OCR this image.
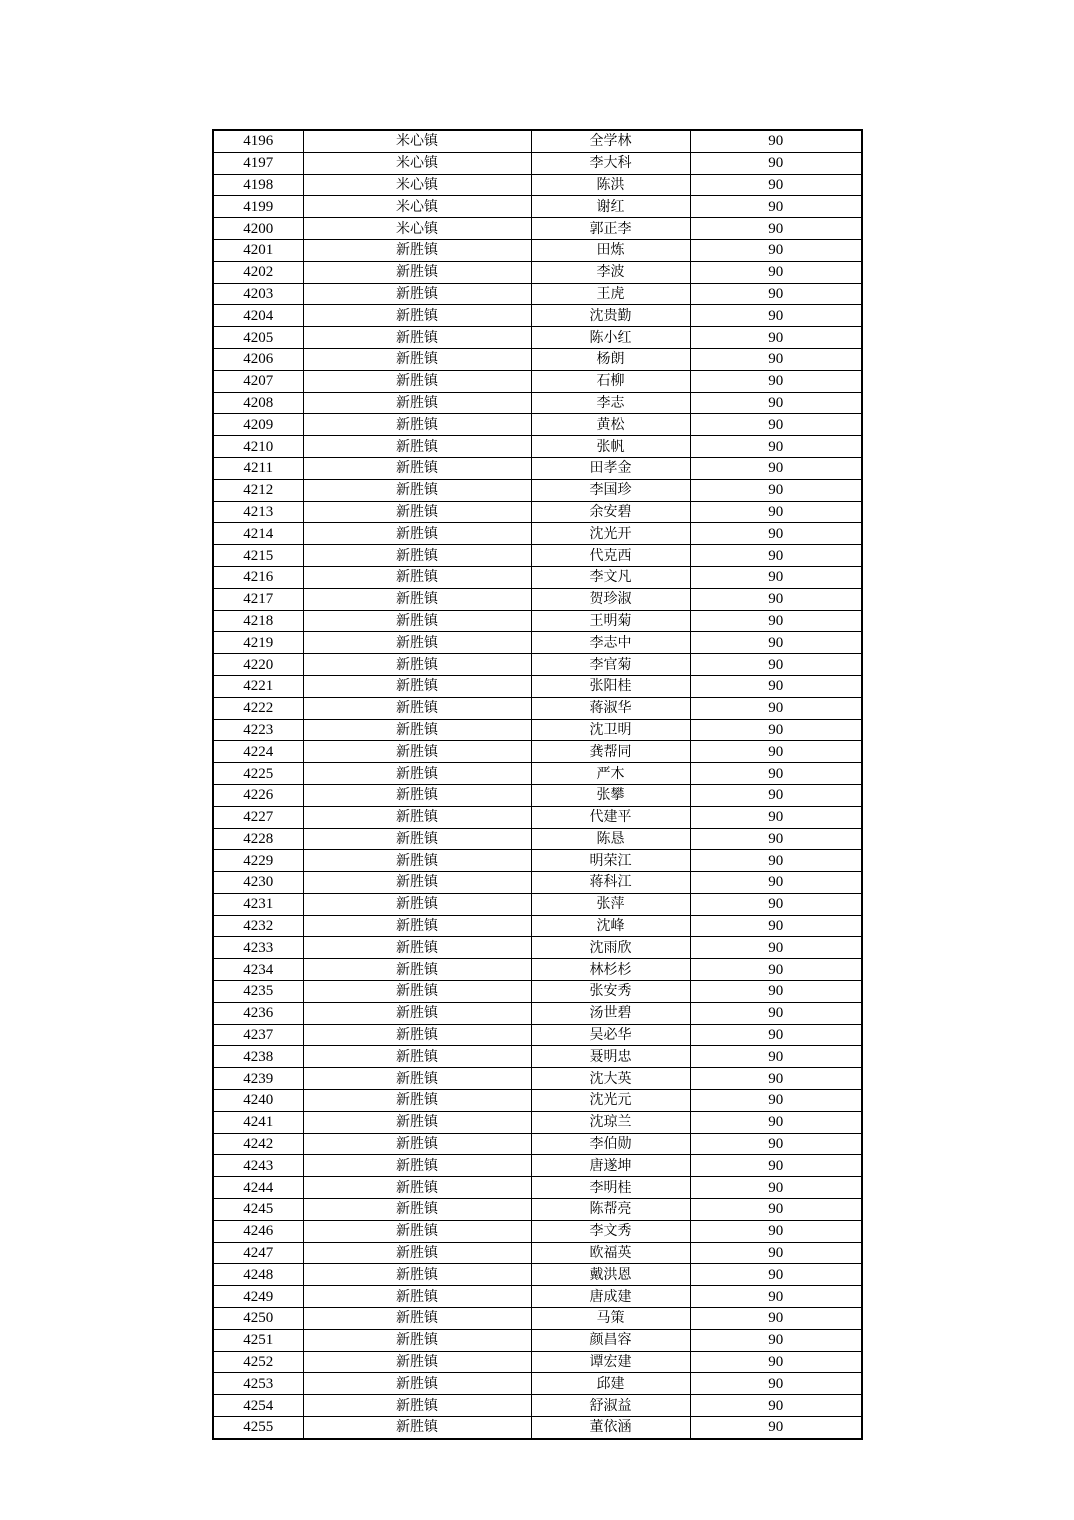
4196	米心镇	全学林	90
4197	米心镇	李大科	90
4198	米心镇	陈洪	90
4199	米心镇	谢红	90
4200	米心镇	郭正李	90
4201	新胜镇	田炼	90
4202	新胜镇	李波	90
4203	新胜镇	王虎	90
4204	新胜镇	沈贵勤	90
4205	新胜镇	陈小红	90
4206	新胜镇	杨朗	90
4207	新胜镇	石柳	90
4208	新胜镇	李志	90
4209	新胜镇	黄松	90
4210	新胜镇	张帆	90
4211	新胜镇	田孝金	90
4212	新胜镇	李国珍	90
4213	新胜镇	余安碧	90
4214	新胜镇	沈光开	90
4215	新胜镇	代克西	90
4216	新胜镇	李文凡	90
4217	新胜镇	贺珍淑	90
4218	新胜镇	王明菊	90
4219	新胜镇	李志中	90
4220	新胜镇	李官菊	90
4221	新胜镇	张阳桂	90
4222	新胜镇	蒋淑华	90
4223	新胜镇	沈卫明	90
4224	新胜镇	龚帮同	90
4225	新胜镇	严木	90
4226	新胜镇	张攀	90
4227	新胜镇	代建平	90
4228	新胜镇	陈恳	90
4229	新胜镇	明荣江	90
4230	新胜镇	蒋科江	90
4231	新胜镇	张萍	90
4232	新胜镇	沈峰	90
4233	新胜镇	沈雨欣	90
4234	新胜镇	林杉杉	90
4235	新胜镇	张安秀	90
4236	新胜镇	汤世碧	90
4237	新胜镇	吴必华	90
4238	新胜镇	聂明忠	90
4239	新胜镇	沈大英	90
4240	新胜镇	沈光元	90
4241	新胜镇	沈琼兰	90
4242	新胜镇	李伯勋	90
4243	新胜镇	唐遂坤	90
4244	新胜镇	李明桂	90
4245	新胜镇	陈帮亮	90
4246	新胜镇	李文秀	90
4247	新胜镇	欧福英	90
4248	新胜镇	戴洪恩	90
4249	新胜镇	唐成建	90
4250	新胜镇	马策	90
4251	新胜镇	颜昌容	90
4252	新胜镇	谭宏建	90
4253	新胜镇	邱建	90
4254	新胜镇	舒淑益	90
4255	新胜镇	董依涵	90
